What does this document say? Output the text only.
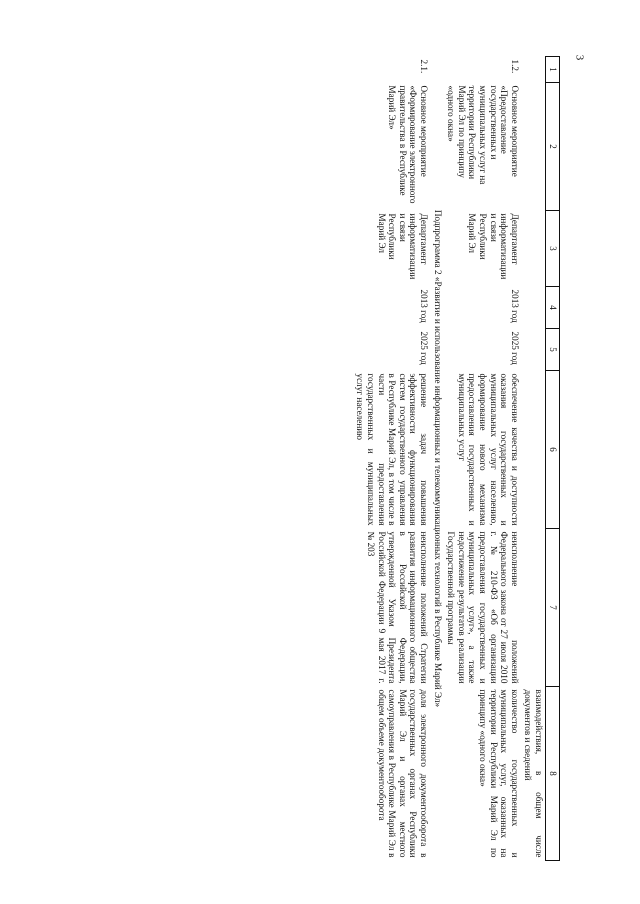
3
1	2	3	4	5	6	7	8
							взаимодействия, в общем числе документов и сведений
1.2.	Основное мероприятие «Предоставление государственных и муниципальных услуг на территории Республики Марий Эл по принципу «одного окна»	Департамент информатизации и связи Республики Марий Эл	2013 год	2025 год	обеспечение качества и доступности оказания государственных и муниципальных услуг населению, формирование нового механизма предоставления государственных и муниципальных услуг	неисполнение положений Федерального закона от 27 июля 2010 г. № 210-ФЗ «Об организации предоставления государственных и муниципальных услуг», а также недостижение результатов реализации Государственной программы	количество государственных и муниципальных услуг, оказанных на территории Республики Марий Эл по принципу «одного окна»
Подпрограмма 2 «Развитие и использование информационных и телекоммуникационных технологий в Республике Марий Эл»							
2.1.	Основное мероприятие «Формирование электронного правительства в Республике Марий Эл»	Департамент информатизации и связи Республики Марий Эл	2013 год	2025 год	решение задач повышения эффективности функционирования систем государственного управления в Республике Марий Эл, в том числе в части предоставления государственных и муниципальных услуг населению	неисполнение положений Стратегии развития информационного общества в Российской Федерации, утвержденной Указом Президента Российской Федерации 9 мая 2017 г. № 203	доля электронного документооборота в государственных органах Республики Марий Эл и органах местного самоуправления в Республике Марий Эл в общем объеме документооборота
